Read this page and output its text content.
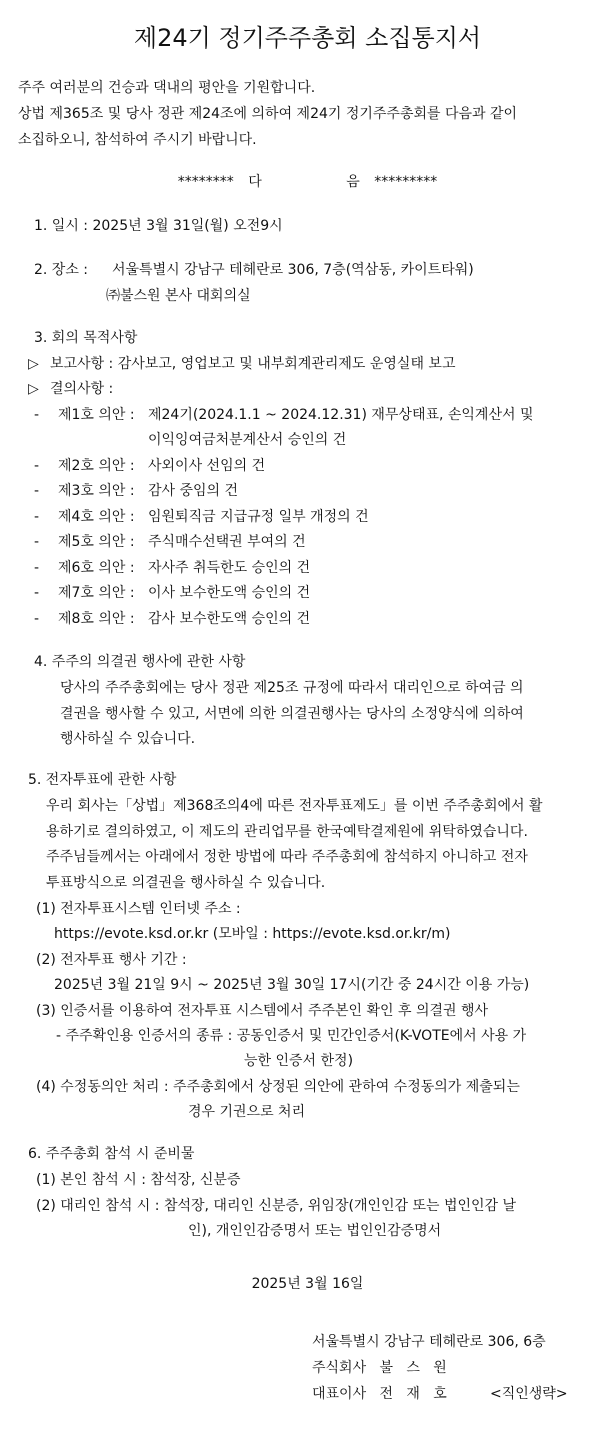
제24기 정기주주총회 소집통지서
주주 여러분의 건승과 댁내의 평안을 기원합니다.
상법 제365조 및 당사 정관 제24조에 의하여 제24기 정기주주총회를 다음과 같이
소집하오니, 참석하여 주시기 바랍니다.
******** 다	음 *********
1. 일시 : 2025년 3월 31일(월) 오전9시
2. 장소 : 서울특별시 강남구 테헤란로 306, 7층(역삼동, 카이트타워)
㈜불스원 본사 대회의실
3. 회의 목적사항
▷ 보고사항 : 감사보고, 영업보고 및 내부회계관리제도 운영실태 보고
▷ 결의사항 :
- 제1호 의안 : 제24기(2024.1.1 ~ 2024.12.31) 재무상태표, 손익계산서 및
이익잉여금처분계산서 승인의 건
- 제2호 의안 : 사외이사 선임의 건
- 제3호 의안 : 감사 중임의 건
- 제4호 의안 : 임원퇴직금 지급규정 일부 개정의 건
- 제5호 의안 : 주식매수선택권 부여의 건
- 제6호 의안 : 자사주 취득한도 승인의 건
- 제7호 의안 : 이사 보수한도액 승인의 건
- 제8호 의안 : 감사 보수한도액 승인의 건
4. 주주의 의결권 행사에 관한 사항
당사의 주주총회에는 당사 정관 제25조 규정에 따라서 대리인으로 하여금 의
결권을 행사할 수 있고, 서면에 의한 의결권행사는 당사의 소정양식에 의하여
행사하실 수 있습니다.
5. 전자투표에 관한 사항
우리 회사는「상법」제368조의4에 따른 전자투표제도」를 이번 주주총회에서 활
용하기로 결의하였고, 이 제도의 관리업무를 한국예탁결제원에 위탁하였습니다.
주주님들께서는 아래에서 정한 방법에 따라 주주총회에 참석하지 아니하고 전자
투표방식으로 의결권을 행사하실 수 있습니다.
(1) 전자투표시스템 인터넷 주소 :
https://evote.ksd.or.kr (모바일 : https://evote.ksd.or.kr/m)
(2) 전자투표 행사 기간 :
2025년 3월 21일 9시 ~ 2025년 3월 30일 17시(기간 중 24시간 이용 가능)
(3) 인증서를 이용하여 전자투표 시스템에서 주주본인 확인 후 의결권 행사
- 주주확인용 인증서의 종류 : 공동인증서 및 민간인증서(K-VOTE에서 사용 가
능한 인증서 한정)
(4) 수정동의안 처리 : 주주총회에서 상정된 의안에 관하여 수정동의가 제출되는
경우 기권으로 처리
6. 주주총회 참석 시 준비물
(1) 본인 참석 시 : 참석장, 신분증
(2) 대리인 참석 시 : 참석장, 대리인 신분증, 위임장(개인인감 또는 법인인감 날
인), 개인인감증명서 또는 법인인감증명서
2025년 3월 16일
서울특별시 강남구 테헤란로 306, 6층
주식회사   불   스   원
대표이사   전   재   호	<직인생략>
